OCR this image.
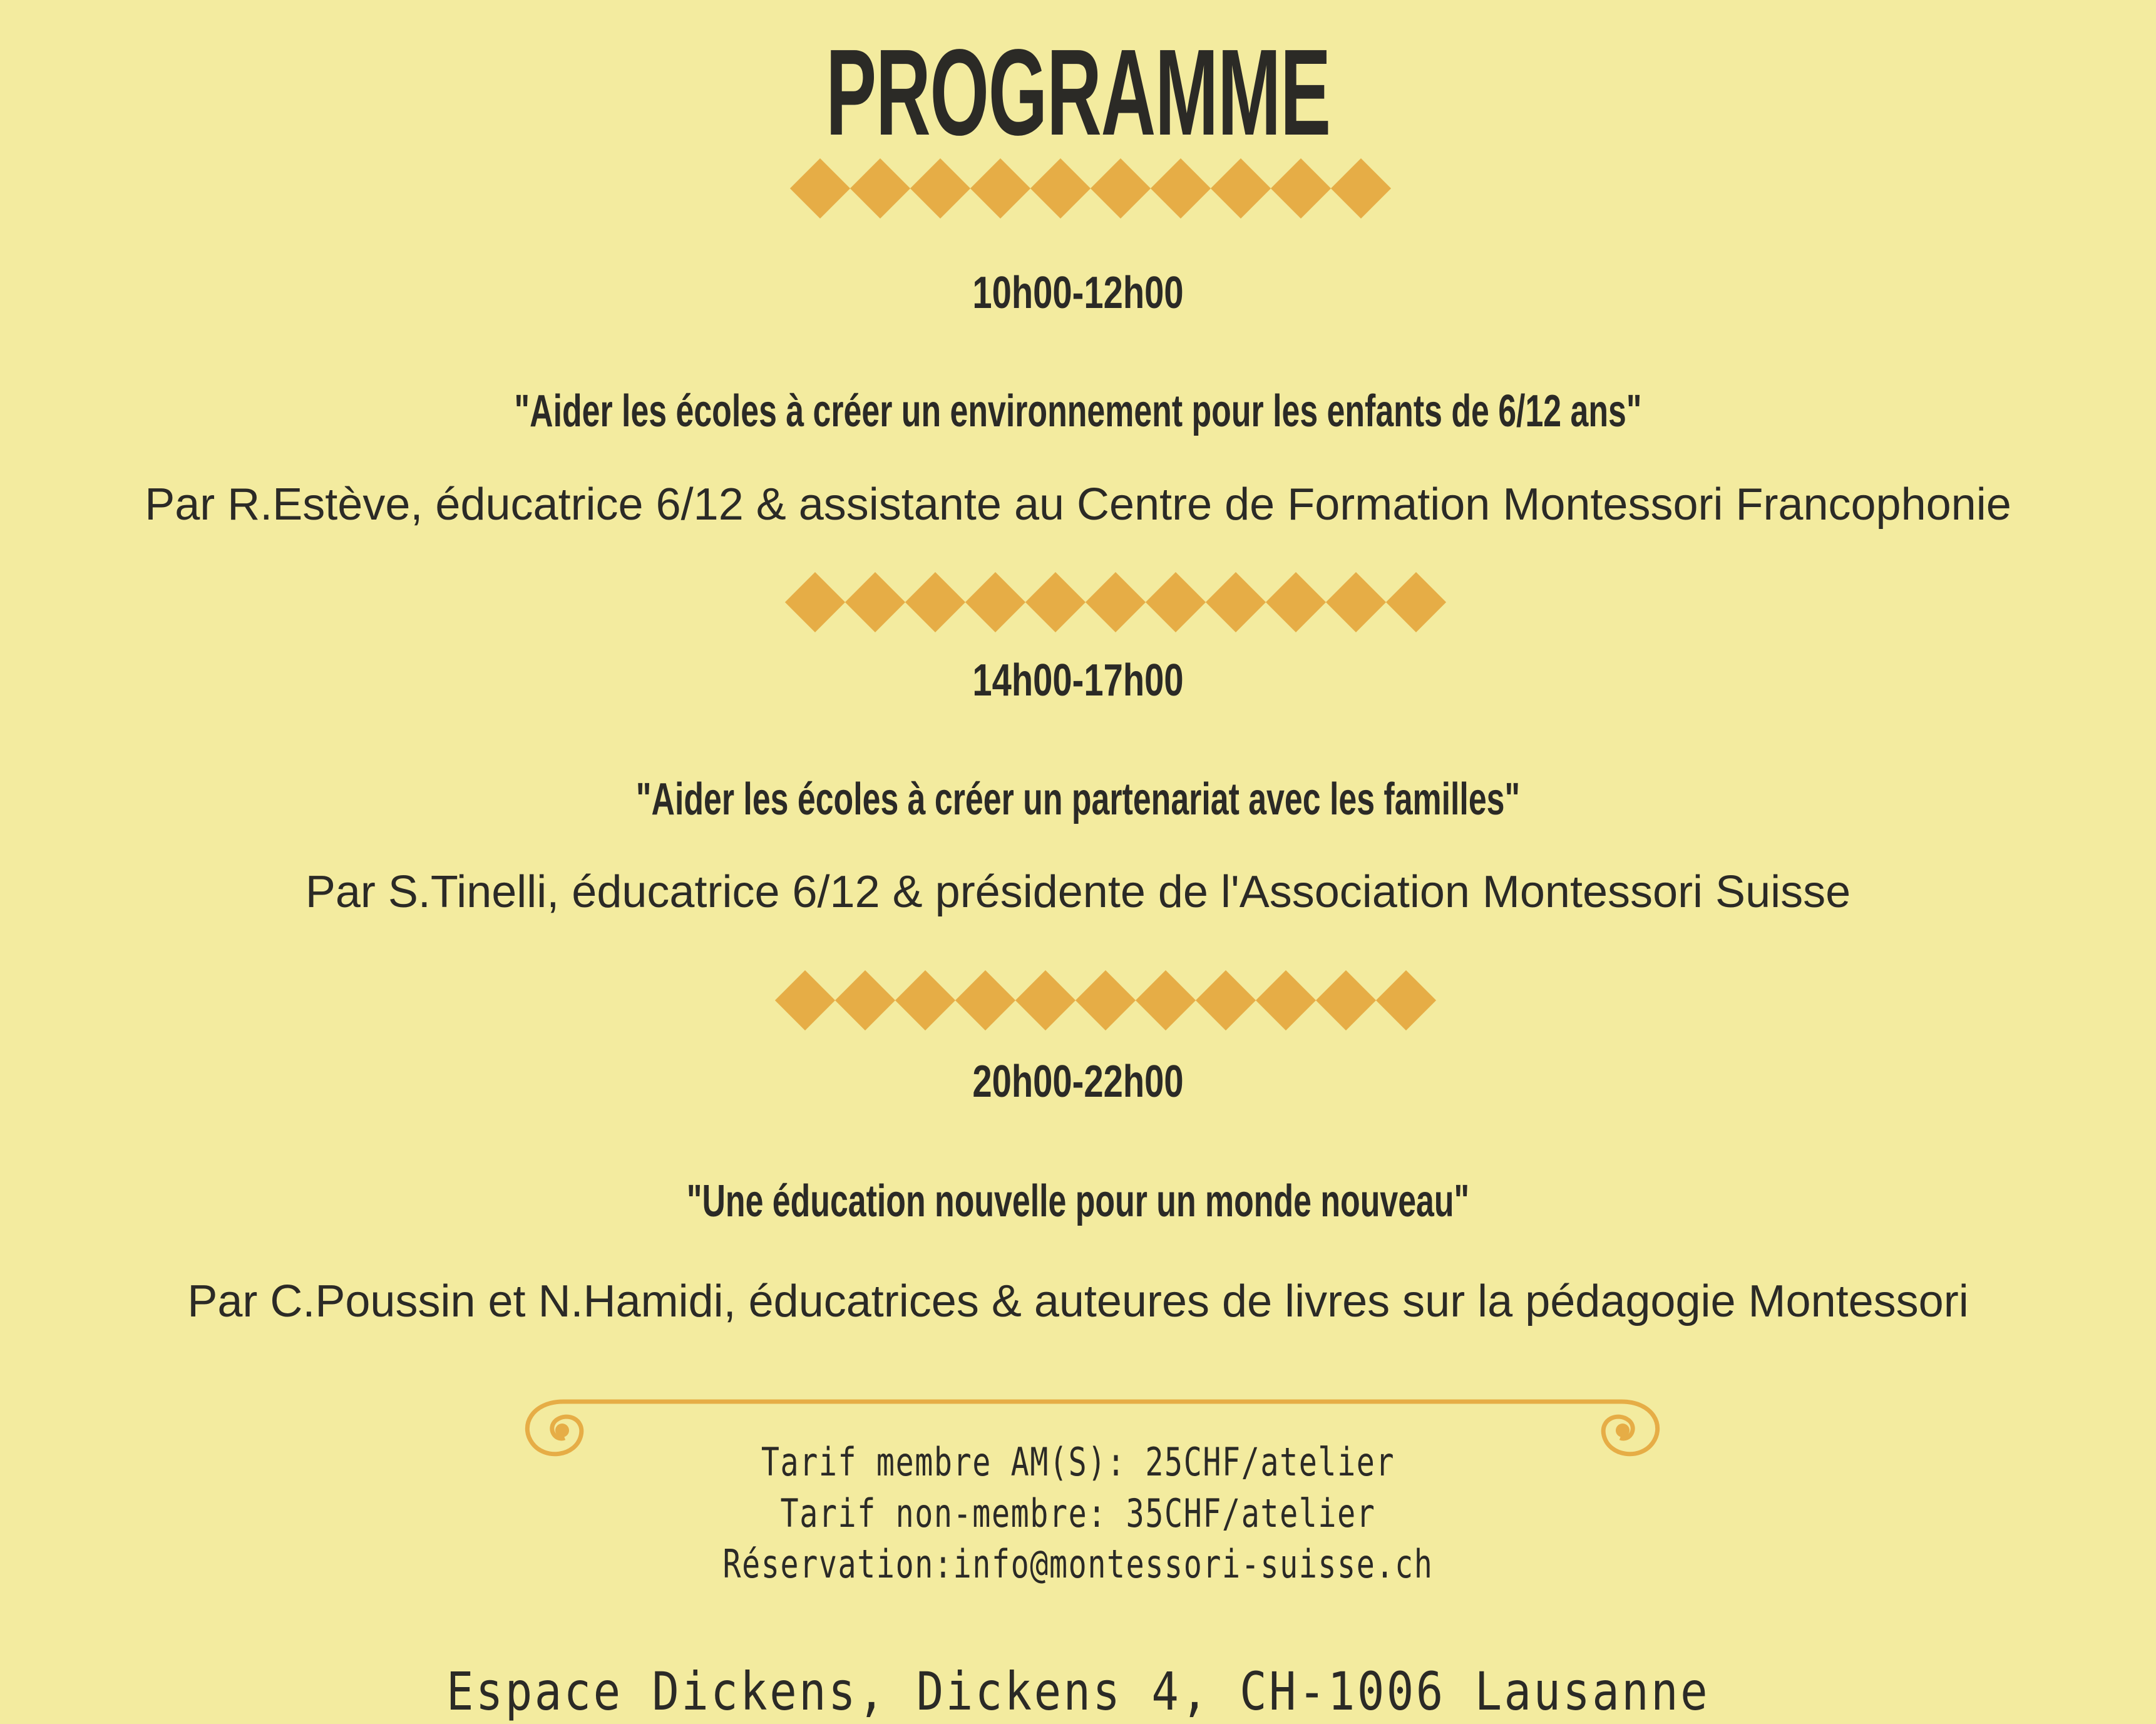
PROGRAMME
10h00-12h00
"Aider les écoles à créer un environnement pour les enfants de 6/12 ans"
Par R.Estève, éducatrice 6/12 & assistante au Centre de Formation Montessori Francophonie
14h00-17h00
"Aider les écoles à créer un partenariat avec les familles"
Par S.Tinelli, éducatrice 6/12 & présidente de l'Association Montessori Suisse
20h00-22h00
"Une éducation nouvelle pour un monde nouveau"
Par C.Poussin et N.Hamidi, éducatrices & auteures de livres sur la pédagogie Montessori
Tarif membre AM(S): 25CHF/atelier
Tarif non-membre: 35CHF/atelier
Réservation:info@montessori-suisse.ch
Espace Dickens, Dickens 4, CH-1006 Lausanne
